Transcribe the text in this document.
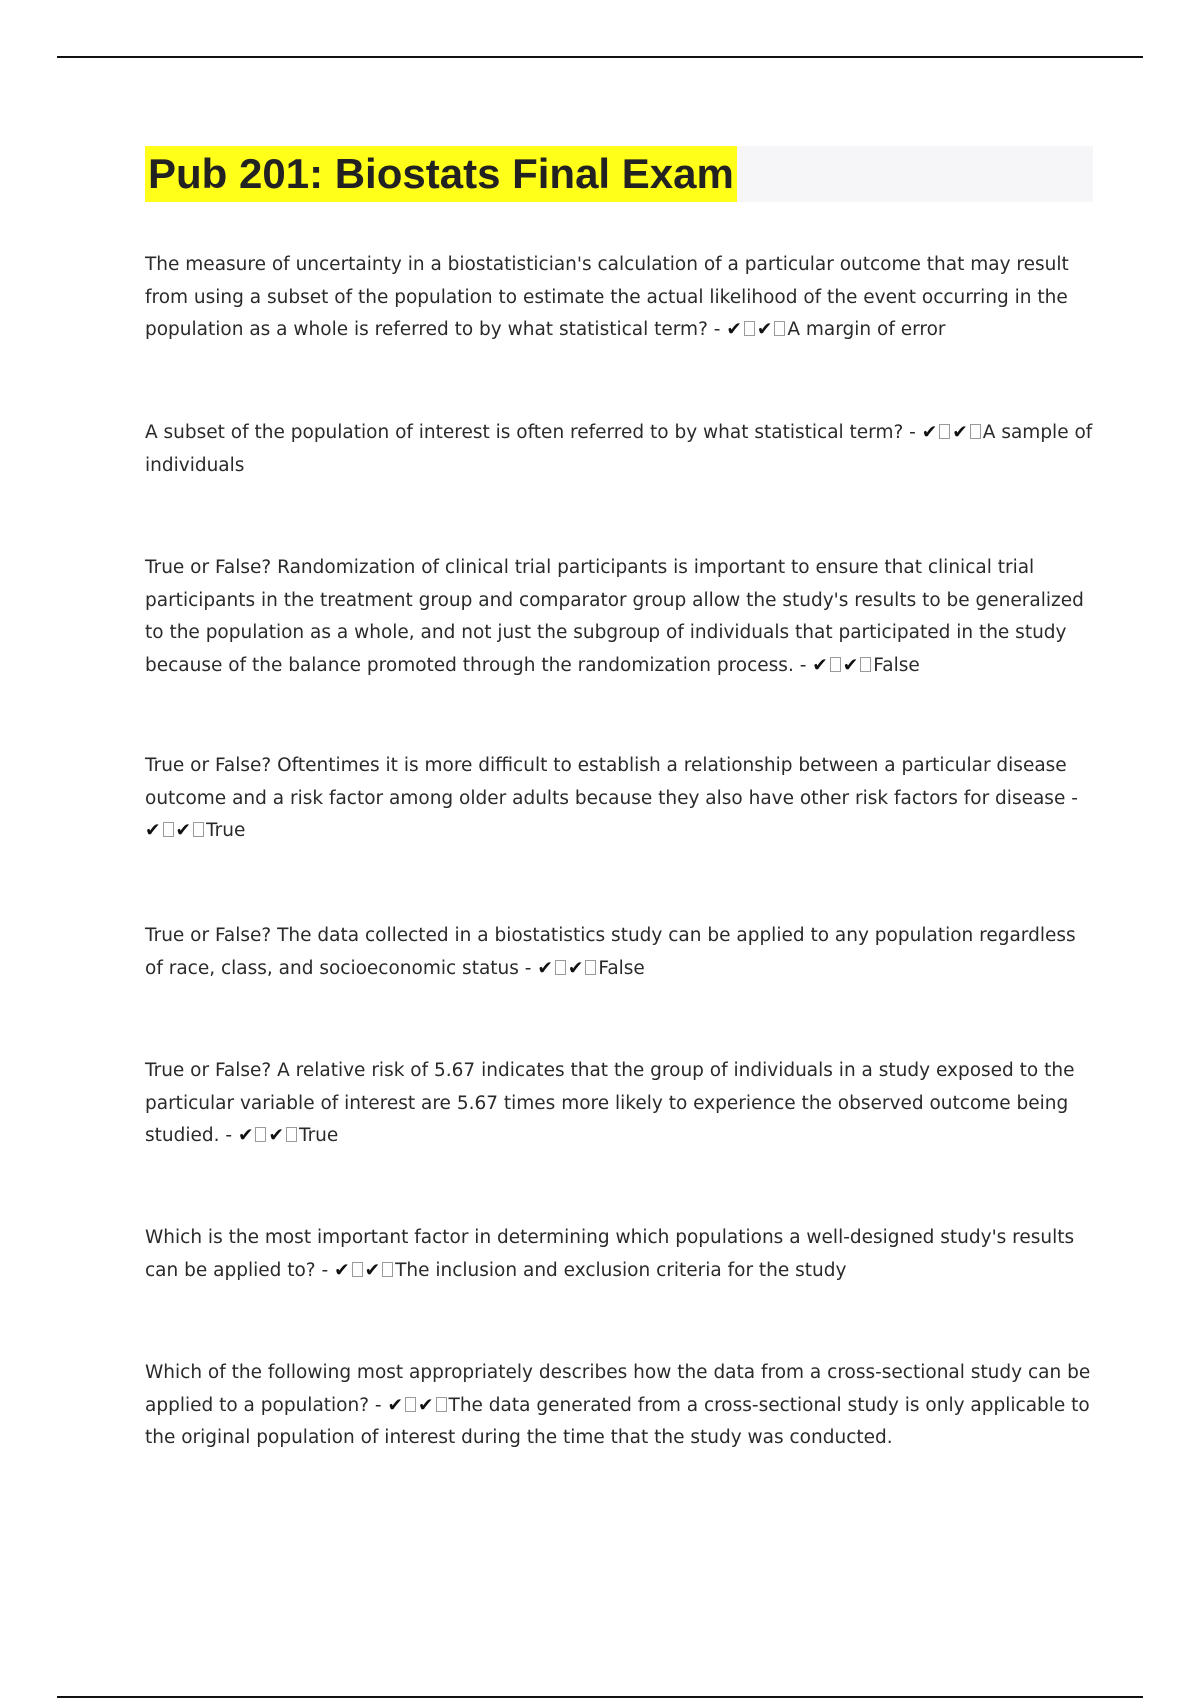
Pub 201: Biostats Final Exam

The measure of uncertainty in a biostatistician's calculation of a particular outcome that may result from using a subset of the population to estimate the actual likelihood of the event occurring in the population as a whole is referred to by what statistical term? - ✔ ✔ A margin of error

A subset of the population of interest is often referred to by what statistical term? - ✔ ✔ A sample of individuals

True or False? Randomization of clinical trial participants is important to ensure that clinical trial participants in the treatment group and comparator group allow the study's results to be generalized to the population as a whole, and not just the subgroup of individuals that participated in the study because of the balance promoted through the randomization process. - ✔ ✔ False

True or False? Oftentimes it is more difficult to establish a relationship between a particular disease outcome and a risk factor among older adults because they also have other risk factors for disease - ✔ ✔ True

True or False? The data collected in a biostatistics study can be applied to any population regardless of race, class, and socioeconomic status - ✔ ✔ False

True or False? A relative risk of 5.67 indicates that the group of individuals in a study exposed to the particular variable of interest are 5.67 times more likely to experience the observed outcome being studied. - ✔ ✔ True

Which is the most important factor in determining which populations a well-designed study's results can be applied to? - ✔ ✔ The inclusion and exclusion criteria for the study

Which of the following most appropriately describes how the data from a cross-sectional study can be applied to a population? - ✔ ✔ The data generated from a cross-sectional study is only applicable to the original population of interest during the time that the study was conducted.
